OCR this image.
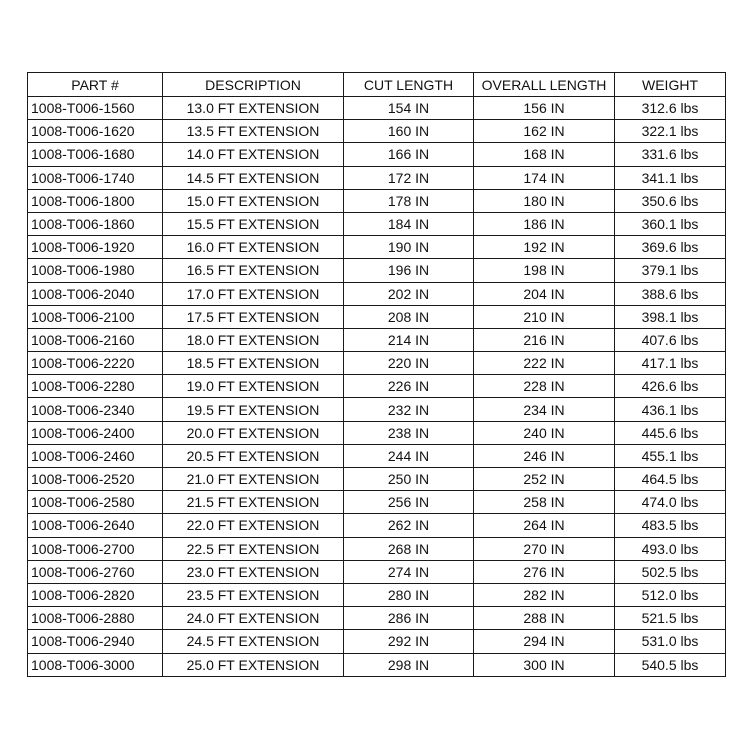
PART #	DESCRIPTION	CUT LENGTH	OVERALL LENGTH	WEIGHT
1008-T006-1560	13.0 FT EXTENSION	154 IN	156 IN	312.6 lbs
1008-T006-1620	13.5 FT EXTENSION	160 IN	162 IN	322.1 lbs
1008-T006-1680	14.0 FT EXTENSION	166 IN	168 IN	331.6 lbs
1008-T006-1740	14.5 FT EXTENSION	172 IN	174 IN	341.1 lbs
1008-T006-1800	15.0 FT EXTENSION	178 IN	180 IN	350.6 lbs
1008-T006-1860	15.5 FT EXTENSION	184 IN	186 IN	360.1 lbs
1008-T006-1920	16.0 FT EXTENSION	190 IN	192 IN	369.6 lbs
1008-T006-1980	16.5 FT EXTENSION	196 IN	198 IN	379.1 lbs
1008-T006-2040	17.0 FT EXTENSION	202 IN	204 IN	388.6 lbs
1008-T006-2100	17.5 FT EXTENSION	208 IN	210 IN	398.1 lbs
1008-T006-2160	18.0 FT EXTENSION	214 IN	216 IN	407.6 lbs
1008-T006-2220	18.5 FT EXTENSION	220 IN	222 IN	417.1 lbs
1008-T006-2280	19.0 FT EXTENSION	226 IN	228 IN	426.6 lbs
1008-T006-2340	19.5 FT EXTENSION	232 IN	234 IN	436.1 lbs
1008-T006-2400	20.0 FT EXTENSION	238 IN	240 IN	445.6 lbs
1008-T006-2460	20.5 FT EXTENSION	244 IN	246 IN	455.1 lbs
1008-T006-2520	21.0 FT EXTENSION	250 IN	252 IN	464.5 lbs
1008-T006-2580	21.5 FT EXTENSION	256 IN	258 IN	474.0 lbs
1008-T006-2640	22.0 FT EXTENSION	262 IN	264 IN	483.5 lbs
1008-T006-2700	22.5 FT EXTENSION	268 IN	270 IN	493.0 lbs
1008-T006-2760	23.0 FT EXTENSION	274 IN	276 IN	502.5 lbs
1008-T006-2820	23.5 FT EXTENSION	280 IN	282 IN	512.0 lbs
1008-T006-2880	24.0 FT EXTENSION	286 IN	288 IN	521.5 lbs
1008-T006-2940	24.5 FT EXTENSION	292 IN	294 IN	531.0 lbs
1008-T006-3000	25.0 FT EXTENSION	298 IN	300 IN	540.5 lbs
